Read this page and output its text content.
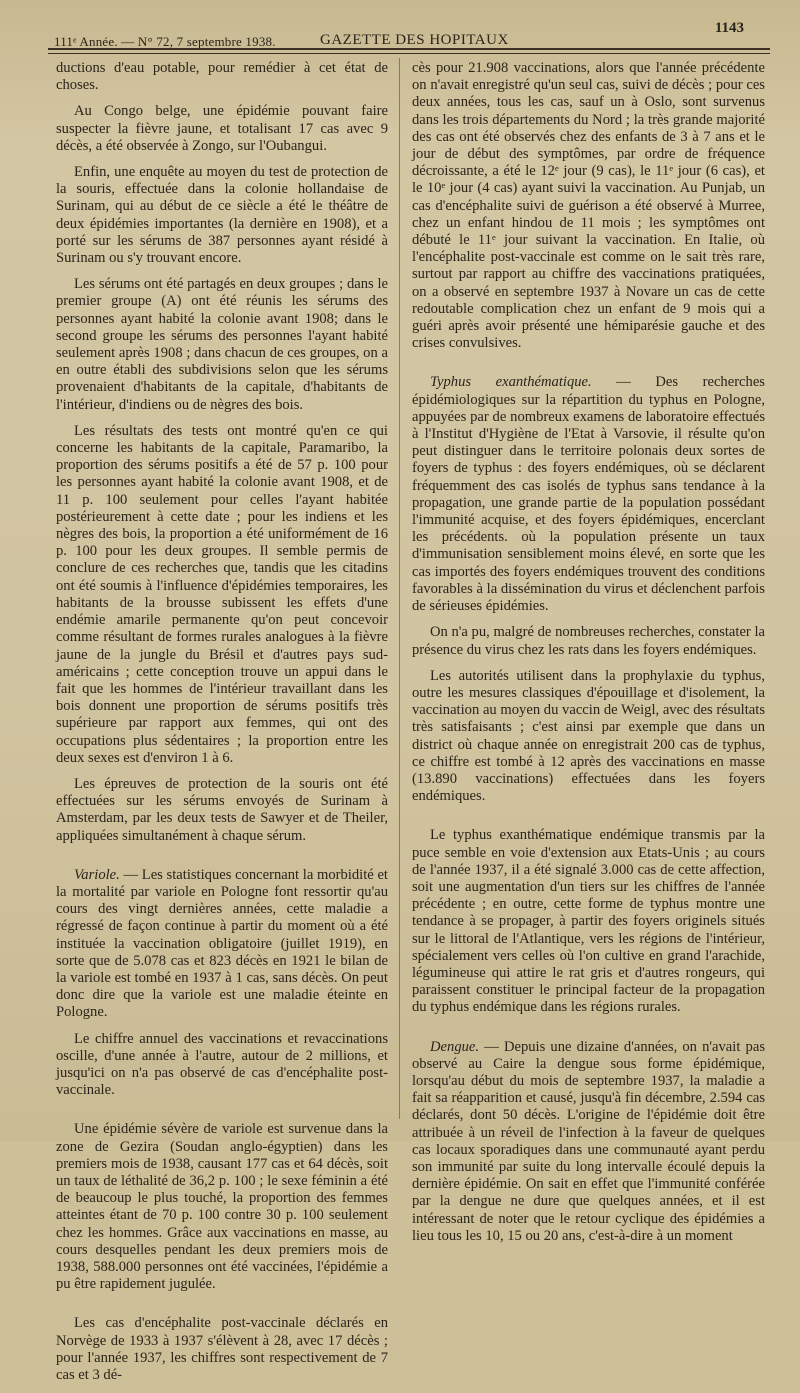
111ᵉ Année. — N° 72, 7 septembre 1938.	GAZETTE DES HOPITAUX
1143

ductions d'eau potable, pour remédier à cet état de choses.

Au Congo belge, une épidémie pouvant faire suspecter la fièvre jaune, et totalisant 17 cas avec 9 décès, a été observée à Zongo, sur l'Oubangui.

Enfin, une enquête au moyen du test de protection de la souris, effectuée dans la colonie hollandaise de Surinam, qui au début de ce siècle a été le théâtre de deux épidémies importantes (la dernière en 1908), et a porté sur les sérums de 387 personnes ayant résidé à Surinam ou s'y trouvant encore.

Les sérums ont été partagés en deux groupes ; dans le premier groupe (A) ont été réunis les sérums des personnes ayant habité la colonie avant 1908; dans le second groupe les sérums des personnes l'ayant habité seulement après 1908 ; dans chacun de ces groupes, on a en outre établi des subdivisions selon que les sérums provenaient d'habitants de la capitale, d'habitants de l'intérieur, d'indiens ou de nègres des bois.

Les résultats des tests ont montré qu'en ce qui concerne les habitants de la capitale, Paramaribo, la proportion des sérums positifs a été de 57 p. 100 pour les personnes ayant habité la colonie avant 1908, et de 11 p. 100 seulement pour celles l'ayant habitée postérieurement à cette date ; pour les indiens et les nègres des bois, la proportion a été uniformément de 16 p. 100 pour les deux groupes. Il semble permis de conclure de ces recherches que, tandis que les citadins ont été soumis à l'influence d'épidémies temporaires, les habitants de la brousse subissent les effets d'une endémie amarile permanente qu'on peut concevoir comme résultant de formes rurales analogues à la fièvre jaune de la jungle du Brésil et d'autres pays sud-américains ; cette conception trouve un appui dans le fait que les hommes de l'intérieur travaillant dans les bois donnent une proportion de sérums positifs très supérieure par rapport aux femmes, qui ont des occupations plus sédentaires ; la proportion entre les deux sexes est d'environ 1 à 6.

Les épreuves de protection de la souris ont été effectuées sur les sérums envoyés de Surinam à Amsterdam, par les deux tests de Sawyer et de Theiler, appliquées simultanément à chaque sérum.

Variole. — Les statistiques concernant la morbidité et la mortalité par variole en Pologne font ressortir qu'au cours des vingt dernières années, cette maladie a régressé de façon continue à partir du moment où a été instituée la vaccination obligatoire (juillet 1919), en sorte que de 5.078 cas et 823 décès en 1921 le bilan de la variole est tombé en 1937 à 1 cas, sans décès. On peut donc dire que la variole est une maladie éteinte en Pologne.

Le chiffre annuel des vaccinations et revaccinations oscille, d'une année à l'autre, autour de 2 millions, et jusqu'ici on n'a pas observé de cas d'encéphalite post-vaccinale.

Une épidémie sévère de variole est survenue dans la zone de Gezira (Soudan anglo-égyptien) dans les premiers mois de 1938, causant 177 cas et 64 décès, soit un taux de léthalité de 36,2 p. 100 ; le sexe féminin a été de beaucoup le plus touché, la proportion des femmes atteintes étant de 70 p. 100 contre 30 p. 100 seulement chez les hommes. Grâce aux vaccinations en masse, au cours desquelles pendant les deux premiers mois de 1938, 588.000 personnes ont été vaccinées, l'épidémie a pu être rapidement jugulée.

Les cas d'encéphalite post-vaccinale déclarés en Norvège de 1933 à 1937 s'élèvent à 28, avec 17 décès ; pour l'année 1937, les chiffres sont respectivement de 7 cas et 3 dé-

cès pour 21.908 vaccinations, alors que l'année précédente on n'avait enregistré qu'un seul cas, suivi de décès ; pour ces deux années, tous les cas, sauf un à Oslo, sont survenus dans les trois départements du Nord ; la très grande majorité des cas ont été observés chez des enfants de 3 à 7 ans et le jour de début des symptômes, par ordre de fréquence décroissante, a été le 12ᵉ jour (9 cas), le 11ᵉ jour (6 cas), et le 10ᵉ jour (4 cas) ayant suivi la vaccination. Au Punjab, un cas d'encéphalite suivi de guérison a été observé à Murree, chez un enfant hindou de 11 mois ; les symptômes ont débuté le 11ᵉ jour suivant la vaccination. En Italie, où l'encéphalite post-vaccinale est comme on le sait très rare, surtout par rapport au chiffre des vaccinations pratiquées, on a observé en septembre 1937 à Novare un cas de cette redoutable complication chez un enfant de 9 mois qui a guéri après avoir présenté une hémiparésie gauche et des crises convulsives.

Typhus exanthématique. — Des recherches épidémiologiques sur la répartition du typhus en Pologne, appuyées par de nombreux examens de laboratoire effectués à l'Institut d'Hygiène de l'Etat à Varsovie, il résulte qu'on peut distinguer dans le territoire polonais deux sortes de foyers de typhus : des foyers endémiques, où se déclarent fréquemment des cas isolés de typhus sans tendance à la propagation, une grande partie de la population possédant l'immunité acquise, et des foyers épidémiques, encerclant les précédents. où la population présente un taux d'immunisation sensiblement moins élevé, en sorte que les cas importés des foyers endémiques trouvent des conditions favorables à la dissémination du virus et déclenchent parfois de sérieuses épidémies.

On n'a pu, malgré de nombreuses recherches, constater la présence du virus chez les rats dans les foyers endémiques.

Les autorités utilisent dans la prophylaxie du typhus, outre les mesures classiques d'épouillage et d'isolement, la vaccination au moyen du vaccin de Weigl, avec des résultats très satisfaisants ; c'est ainsi par exemple que dans un district où chaque année on enregistrait 200 cas de typhus, ce chiffre est tombé à 12 après des vaccinations en masse (13.890 vaccinations) effectuées dans les foyers endémiques.

Le typhus exanthématique endémique transmis par la puce semble en voie d'extension aux Etats-Unis ; au cours de l'année 1937, il a été signalé 3.000 cas de cette affection, soit une augmentation d'un tiers sur les chiffres de l'année précédente ; en outre, cette forme de typhus montre une tendance à se propager, à partir des foyers originels situés sur le littoral de l'Atlantique, vers les régions de l'intérieur, spécialement vers celles où l'on cultive en grand l'arachide, légumineuse qui attire le rat gris et d'autres rongeurs, qui paraissent constituer le principal facteur de la propagation du typhus endémique dans les régions rurales.

Dengue. — Depuis une dizaine d'années, on n'avait pas observé au Caire la dengue sous forme épidémique, lorsqu'au début du mois de septembre 1937, la maladie a fait sa réapparition et causé, jusqu'à fin décembre, 2.594 cas déclarés, dont 50 décès. L'origine de l'épidémie doit être attribuée à un réveil de l'infection à la faveur de quelques cas locaux sporadiques dans une communauté ayant perdu son immunité par suite du long intervalle écoulé depuis la dernière épidémie. On sait en effet que l'immunité conférée par la dengue ne dure que quelques années, et il est intéressant de noter que le retour cyclique des épidémies a lieu tous les 10, 15 ou 20 ans, c'est-à-dire à un moment
